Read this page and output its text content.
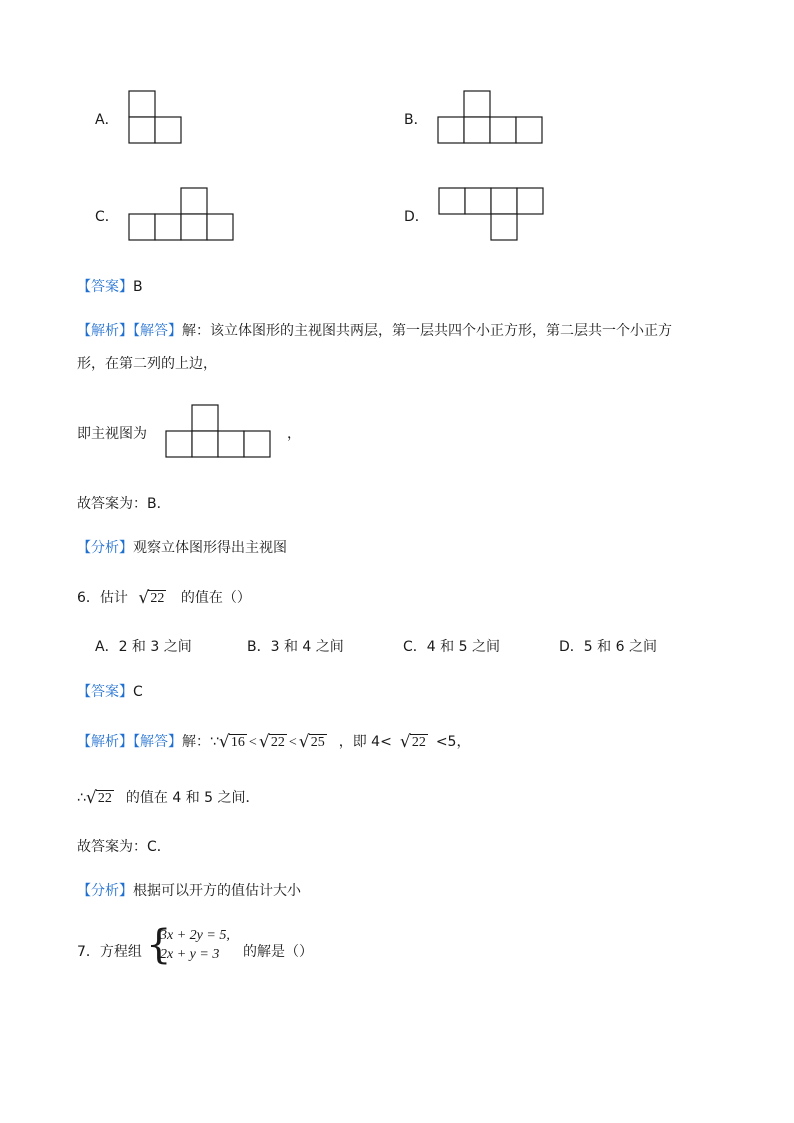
A．	B．
C．	D．
【答案】B
【解析】【解答】解：该立体图形的主视图共两层，第一层共四个小正方形，第二层共一个小正方
形，在第二列的上边，
即主视图为	，
故答案为：B．
【分析】观察立体图形得出主视图
6．估计 √ 22 的值在（）
A．2 和 3 之间	B．3 和 4 之间	C．4 和 5 之间	D．5 和 6 之间
【答案】C
【解析】【解答】解：∵ √ 16 < √ 22 < √ 25 ，即 4< √ 22 <5，
∴ √ 22 的值在 4 和 5 之间．
故答案为：C．
【分析】根据可以开方的值估计大小
7．方程组 {
3x + 2y = 5,
2x + y = 3	的解是（）
